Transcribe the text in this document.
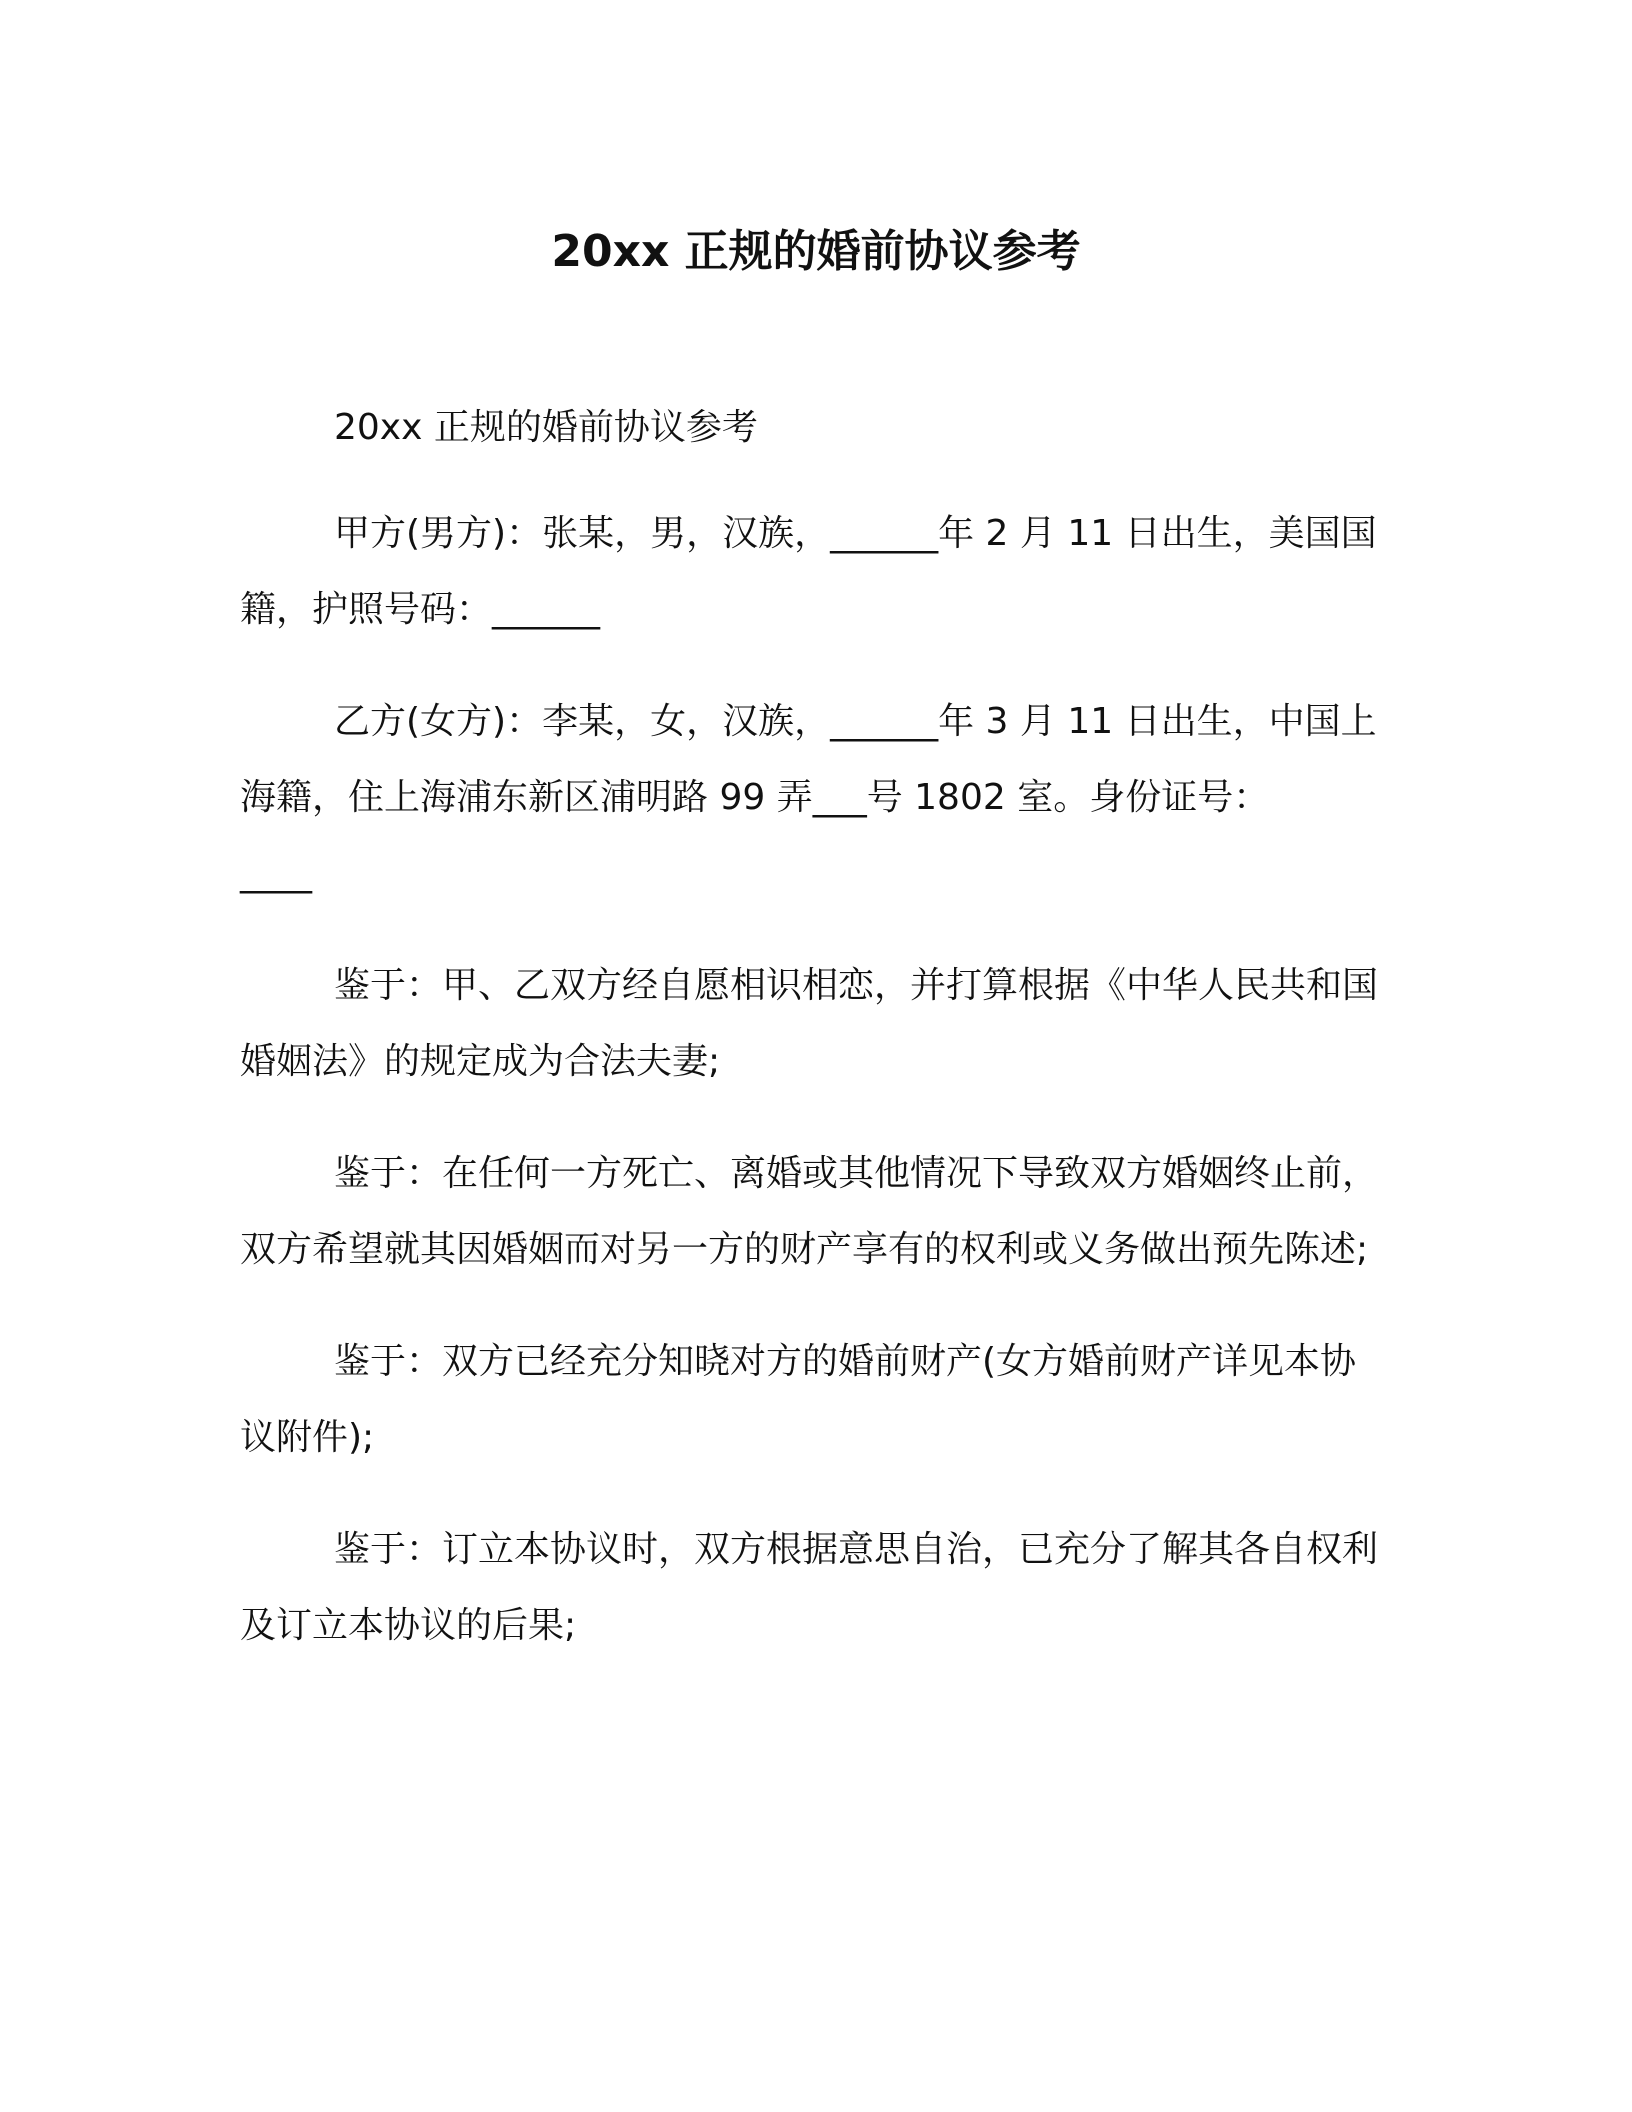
20xx 正规的婚前协议参考

20xx 正规的婚前协议参考

甲方(男方)：张某，男，汉族，______年 2 月 11 日出生，美国国籍，护照号码：______

乙方(女方)：李某，女，汉族，______年 3 月 11 日出生，中国上海籍，住上海浦东新区浦明路 99 弄___号 1802 室。身份证号：

____

鉴于：甲、乙双方经自愿相识相恋，并打算根据《中华人民共和国婚姻法》的规定成为合法夫妻;

鉴于：在任何一方死亡、离婚或其他情况下导致双方婚姻终止前，双方希望就其因婚姻而对另一方的财产享有的权利或义务做出预先陈述;

鉴于：双方已经充分知晓对方的婚前财产(女方婚前财产详见本协议附件);

鉴于：订立本协议时，双方根据意思自治，已充分了解其各自权利及订立本协议的后果;
